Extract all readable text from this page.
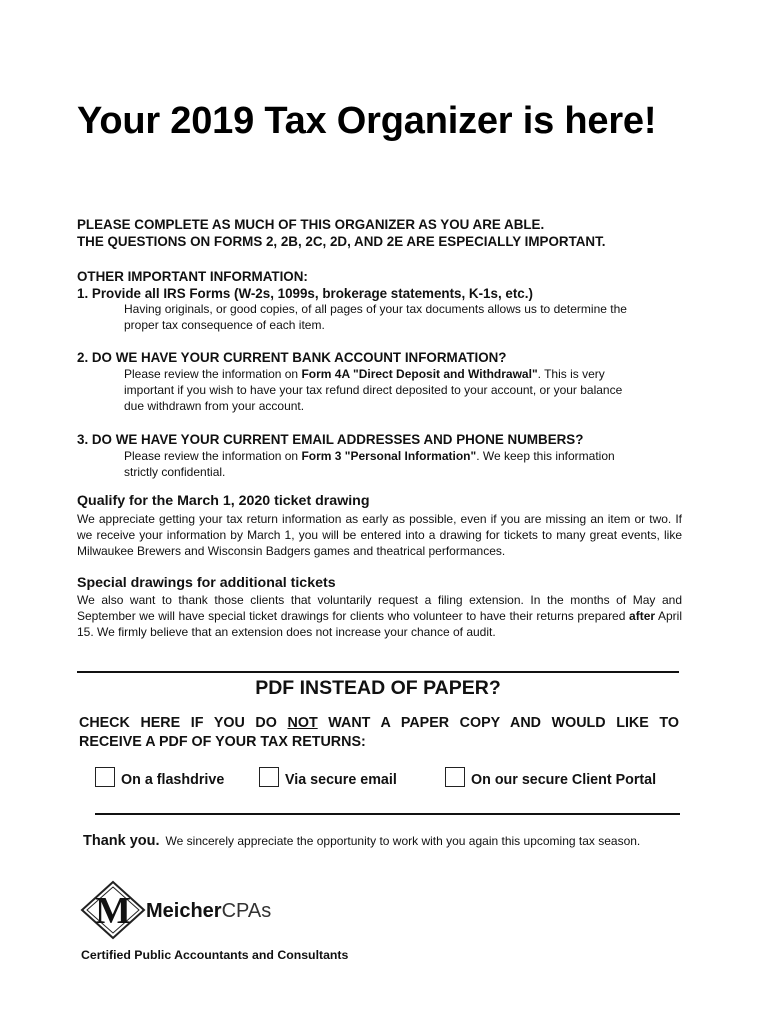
Your 2019 Tax Organizer is here!
PLEASE COMPLETE AS MUCH OF THIS ORGANIZER AS YOU ARE ABLE.
THE QUESTIONS ON FORMS 2, 2B, 2C, 2D, AND 2E ARE ESPECIALLY IMPORTANT.
OTHER IMPORTANT INFORMATION:
1. Provide all IRS Forms (W-2s, 1099s, brokerage statements, K-1s, etc.)
Having originals, or good copies, of all pages of your tax documents allows us to determine the
proper tax consequence of each item.
2. DO WE HAVE YOUR CURRENT BANK ACCOUNT INFORMATION?
Please review the information on Form 4A "Direct Deposit and Withdrawal". This is very
important if you wish to have your tax refund direct deposited to your account, or your balance
due withdrawn from your account.
3. DO WE HAVE YOUR CURRENT EMAIL ADDRESSES AND PHONE NUMBERS?
Please review the information on Form 3 "Personal Information". We keep this information
strictly confidential.
Qualify for the March 1, 2020 ticket drawing
We appreciate getting your tax return information as early as possible, even if you are missing an item or two. If we receive your information by March 1, you will be entered into a drawing for tickets to many great events, like Milwaukee Brewers and Wisconsin Badgers games and theatrical performances.
Special drawings for additional tickets
We also want to thank those clients that voluntarily request a filing extension. In the months of May and September we will have special ticket drawings for clients who volunteer to have their returns prepared after April 15. We firmly believe that an extension does not increase your chance of audit.
PDF INSTEAD OF PAPER?
CHECK HERE IF YOU DO NOT WANT A PAPER COPY AND WOULD LIKE TO
RECEIVE A PDF OF YOUR TAX RETURNS:
On a flashdrive	Via secure email	On our secure Client Portal
Thank you. We sincerely appreciate the opportunity to work with you again this upcoming tax season.
M MeicherCPAs
Certified Public Accountants and Consultants
